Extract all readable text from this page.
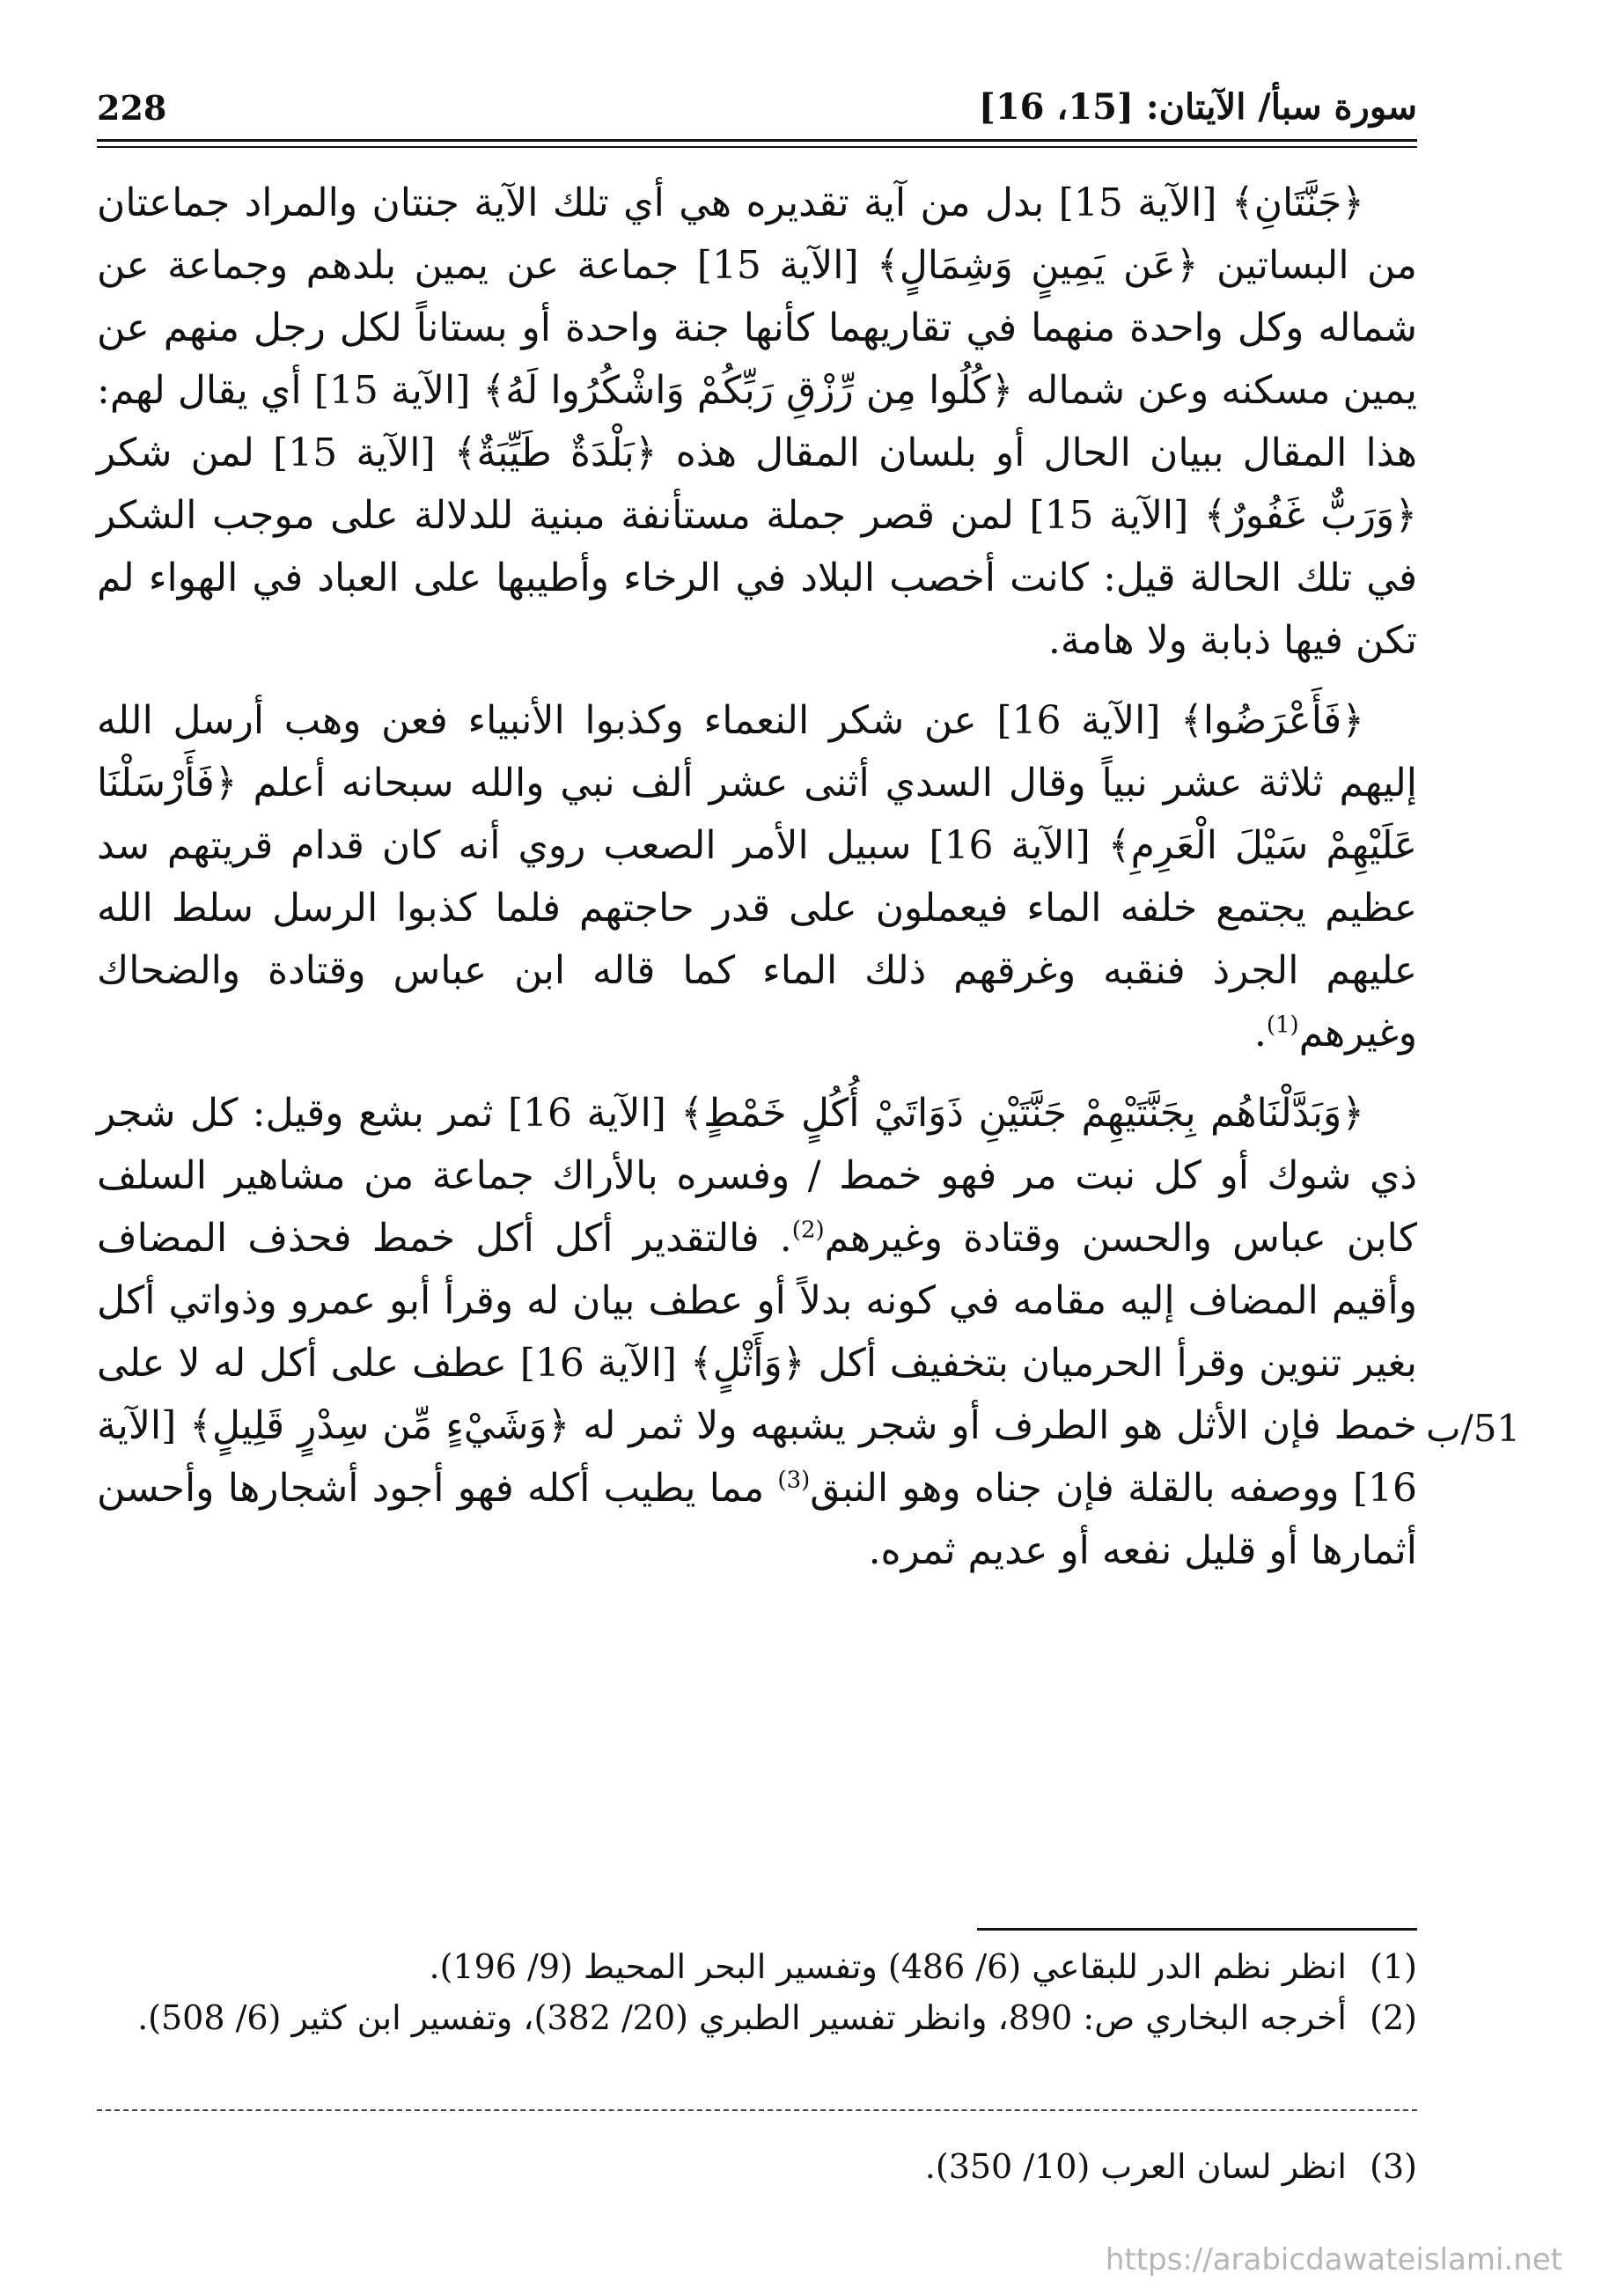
228	سورة سبأ/ الآيتان: [15، 16]

﴿جَنَّتَانِ﴾ [الآية 15] بدل من آية تقديره هي أي تلك الآية جنتان والمراد جماعتان من البساتين ﴿عَن يَمِينٍ وَشِمَالٍ﴾ [الآية 15] جماعة عن يمين بلدهم وجماعة عن شماله وكل واحدة منهما في تقاريهما كأنها جنة واحدة أو بستاناً لكل رجل منهم عن يمين مسكنه وعن شماله ﴿كُلُوا مِن رِّزْقِ رَبِّكُمْ وَاشْكُرُوا لَهُ﴾ [الآية 15] أي يقال لهم: هذا المقال ببيان الحال أو بلسان المقال هذه ﴿بَلْدَةٌ طَيِّبَةٌ﴾ [الآية 15] لمن شكر ﴿وَرَبٌّ غَفُورٌ﴾ [الآية 15] لمن قصر جملة مستأنفة مبنية للدلالة على موجب الشكر في تلك الحالة قيل: كانت أخصب البلاد في الرخاء وأطيبها على العباد في الهواء لم تكن فيها ذبابة ولا هامة.

﴿فَأَعْرَضُوا﴾ [الآية 16] عن شكر النعماء وكذبوا الأنبياء فعن وهب أرسل الله إليهم ثلاثة عشر نبياً وقال السدي أثنى عشر ألف نبي والله سبحانه أعلم ﴿فَأَرْسَلْنَا عَلَيْهِمْ سَيْلَ الْعَرِمِ﴾ [الآية 16] سبيل الأمر الصعب روي أنه كان قدام قريتهم سد عظيم يجتمع خلفه الماء فيعملون على قدر حاجتهم فلما كذبوا الرسل سلط الله عليهم الجرذ فنقبه وغرقهم ذلك الماء كما قاله ابن عباس وقتادة والضحاك وغيرهم$^{(1)}$.

﴿وَبَدَّلْنَاهُم بِجَنَّتَيْهِمْ جَنَّتَيْنِ ذَوَاتَيْ أُكُلٍ خَمْطٍ﴾ [الآية 16] ثمر بشع وقيل: كل شجر ذي شوك أو كل نبت مر فهو خمط / وفسره بالأراك جماعة من مشاهير السلف كابن عباس والحسن وقتادة وغيرهم$^{(2)}$. فالتقدير أكل أكل خمط فحذف المضاف وأقيم المضاف إليه مقامه في كونه بدلاً أو عطف بيان له وقرأ أبو عمرو وذواتي أكل بغير تنوين وقرأ الحرميان بتخفيف أكل ﴿وَأَثْلٍ﴾ [الآية 16] عطف على أكل له لا على خمط فإن الأثل هو الطرف أو شجر يشبهه ولا ثمر له ﴿وَشَيْءٍ مِّن سِدْرٍ قَلِيلٍ﴾ [الآية 16] ووصفه بالقلة فإن جناه وهو النبق$^{(3)}$ مما يطيب أكله فهو أجود أشجارها وأحسن أثمارها أو قليل نفعه أو عديم ثمره.

51/ب

(1)انظر نظم الدر للبقاعي (6/ 486) وتفسير البحر المحيط (9/ 196).

(2)أخرجه البخاري ص: 890، وانظر تفسير الطبري (20/ 382)، وتفسير ابن كثير (6/ 508).

(3)انظر لسان العرب (10/ 350).

https://arabicdawateislami.net
